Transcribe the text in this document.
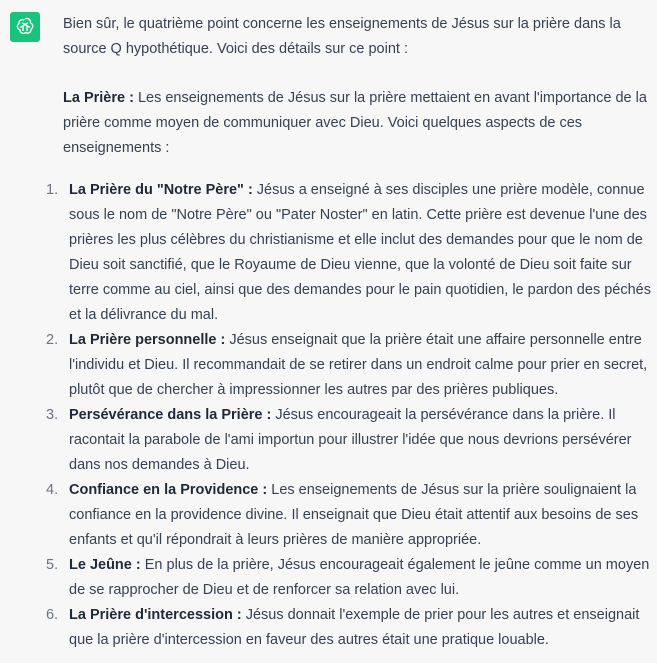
Bien sûr, le quatrième point concerne les enseignements de Jésus sur la prière dans la source Q hypothétique. Voici des détails sur ce point :

La Prière : Les enseignements de Jésus sur la prière mettaient en avant l'importance de la prière comme moyen de communiquer avec Dieu. Voici quelques aspects de ces enseignements :

1. La Prière du "Notre Père" : Jésus a enseigné à ses disciples une prière modèle, connue sous le nom de "Notre Père" ou "Pater Noster" en latin. Cette prière est devenue l'une des prières les plus célèbres du christianisme et elle inclut des demandes pour que le nom de Dieu soit sanctifié, que le Royaume de Dieu vienne, que la volonté de Dieu soit faite sur terre comme au ciel, ainsi que des demandes pour le pain quotidien, le pardon des péchés et la délivrance du mal.
2. La Prière personnelle : Jésus enseignait que la prière était une affaire personnelle entre l'individu et Dieu. Il recommandait de se retirer dans un endroit calme pour prier en secret, plutôt que de chercher à impressionner les autres par des prières publiques.
3. Persévérance dans la Prière : Jésus encourageait la persévérance dans la prière. Il racontait la parabole de l'ami importun pour illustrer l'idée que nous devrions persévérer dans nos demandes à Dieu.
4. Confiance en la Providence : Les enseignements de Jésus sur la prière soulignaient la confiance en la providence divine. Il enseignait que Dieu était attentif aux besoins de ses enfants et qu'il répondrait à leurs prières de manière appropriée.
5. Le Jeûne : En plus de la prière, Jésus encourageait également le jeûne comme un moyen de se rapprocher de Dieu et de renforcer sa relation avec lui.
6. La Prière d'intercession : Jésus donnait l'exemple de prier pour les autres et enseignait que la prière d'intercession en faveur des autres était une pratique louable.
